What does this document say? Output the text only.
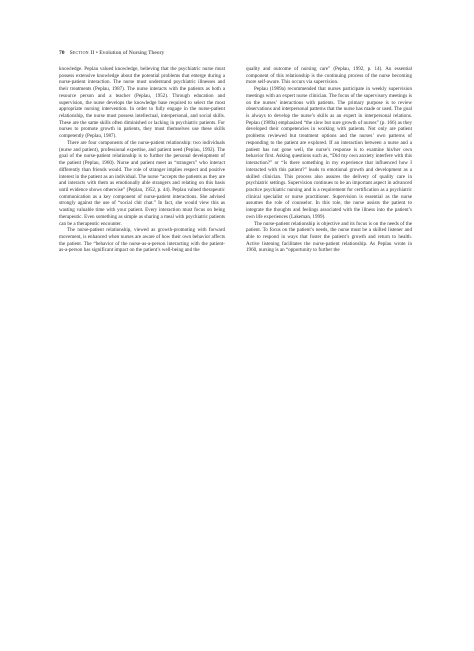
70 Section II • Evolution of Nursing Theory

knowledge. Peplau valued knowledge, believing that the psychiatric nurse must possess extensive knowledge about the potential problems that emerge during a nurse-patient interaction. The nurse must understand psychiatric illnesses and their treatments (Peplau, 1987). The nurse interacts with the patients as both a resource person and a teacher (Peplau, 1952). Through education and supervision, the nurse develops the knowledge base required to select the most appropriate nursing intervention. In order to fully engage in the nurse-patient relationship, the nurse must possess intellectual, interpersonal, and social skills. These are the same skills often diminished or lacking in psychiatric patients. For nurses to promote growth in patients, they must themselves use these skills competently (Peplau, 1987).

There are four components of the nurse-patient relationship: two individuals (nurse and patient), professional expertise, and patient need (Peplau, 1992). The goal of the nurse-patient relationship is to further the personal development of the patient (Peplau, 1960). Nurse and patient meet as “strangers” who interact differently than friends would. The role of stranger implies respect and positive interest in the patient as an individual. The nurse “accepts the patients as they are and interacts with them as emotionally able strangers and relating on this basis until evidence shows otherwise” (Peplau, 1952, p. 44). Peplau valued therapeutic communication as a key component of nurse-patient interactions. She advised strongly against the use of “social chit chat.” In fact, she would view this as wasting valuable time with your patient. Every interaction must focus on being therapeutic. Even something as simple as sharing a meal with psychiatric patients can be a therapeutic encounter.

The nurse-patient relationship, viewed as growth-promoting with forward movement, is enhanced when nurses are aware of how their own behavior affects the patient. The “behavior of the nurse-as-a-person interacting with the patient-as-a-person has significant impact on the patient’s well-being and the

quality and outcome of nursing care” (Peplau, 1992, p. 14). An essential component of this relationship is the continuing process of the nurse becoming more self-aware. This occurs via supervision.

Peplau (1989a) recommended that nurses participate in weekly supervision meetings with an expert nurse clinician. The focus of the supervisory meetings is on the nurses’ interactions with patients. The primary purpose is to review observations and interpersonal patterns that the nurse has made or used. The goal is always to develop the nurse’s skills as an expert in interpersonal relations. Peplau (1989a) emphasized “the slow but sure growth of nurses” (p. 166) as they developed their competencies in working with patients. Not only are patient problems reviewed but treatment options and the nurses’ own patterns of responding to the patient are explored. If an interaction between a nurse and a patient has not gone well, the nurse’s response is to examine his/her own behavior first. Asking questions such as, “Did my own anxiety interfere with this interaction?” or “Is there something in my experience that influenced how I interacted with this patient?” leads to emotional growth and development as a skilled clinician. This process also assures the delivery of quality care in psychiatric settings. Supervision continues to be an important aspect in advanced practice psychiatric nursing and is a requirement for certification as a psychiatric clinical specialist or nurse practitioner. Supervision is essential as the nurse assumes the role of counselor. In this role, the nurse assists the patient to integrate the thoughts and feelings associated with the illness into the patient’s own life experiences (Lakeman, 1999).

The nurse-patient relationship is objective and its focus is on the needs of the patient. To focus on the patient’s needs, the nurse must be a skilled listener and able to respond in ways that foster the patient’s growth and return to health. Active listening facilitates the nurse-patient relationship. As Peplau wrote in 1960, nursing is an “opportunity to further the
